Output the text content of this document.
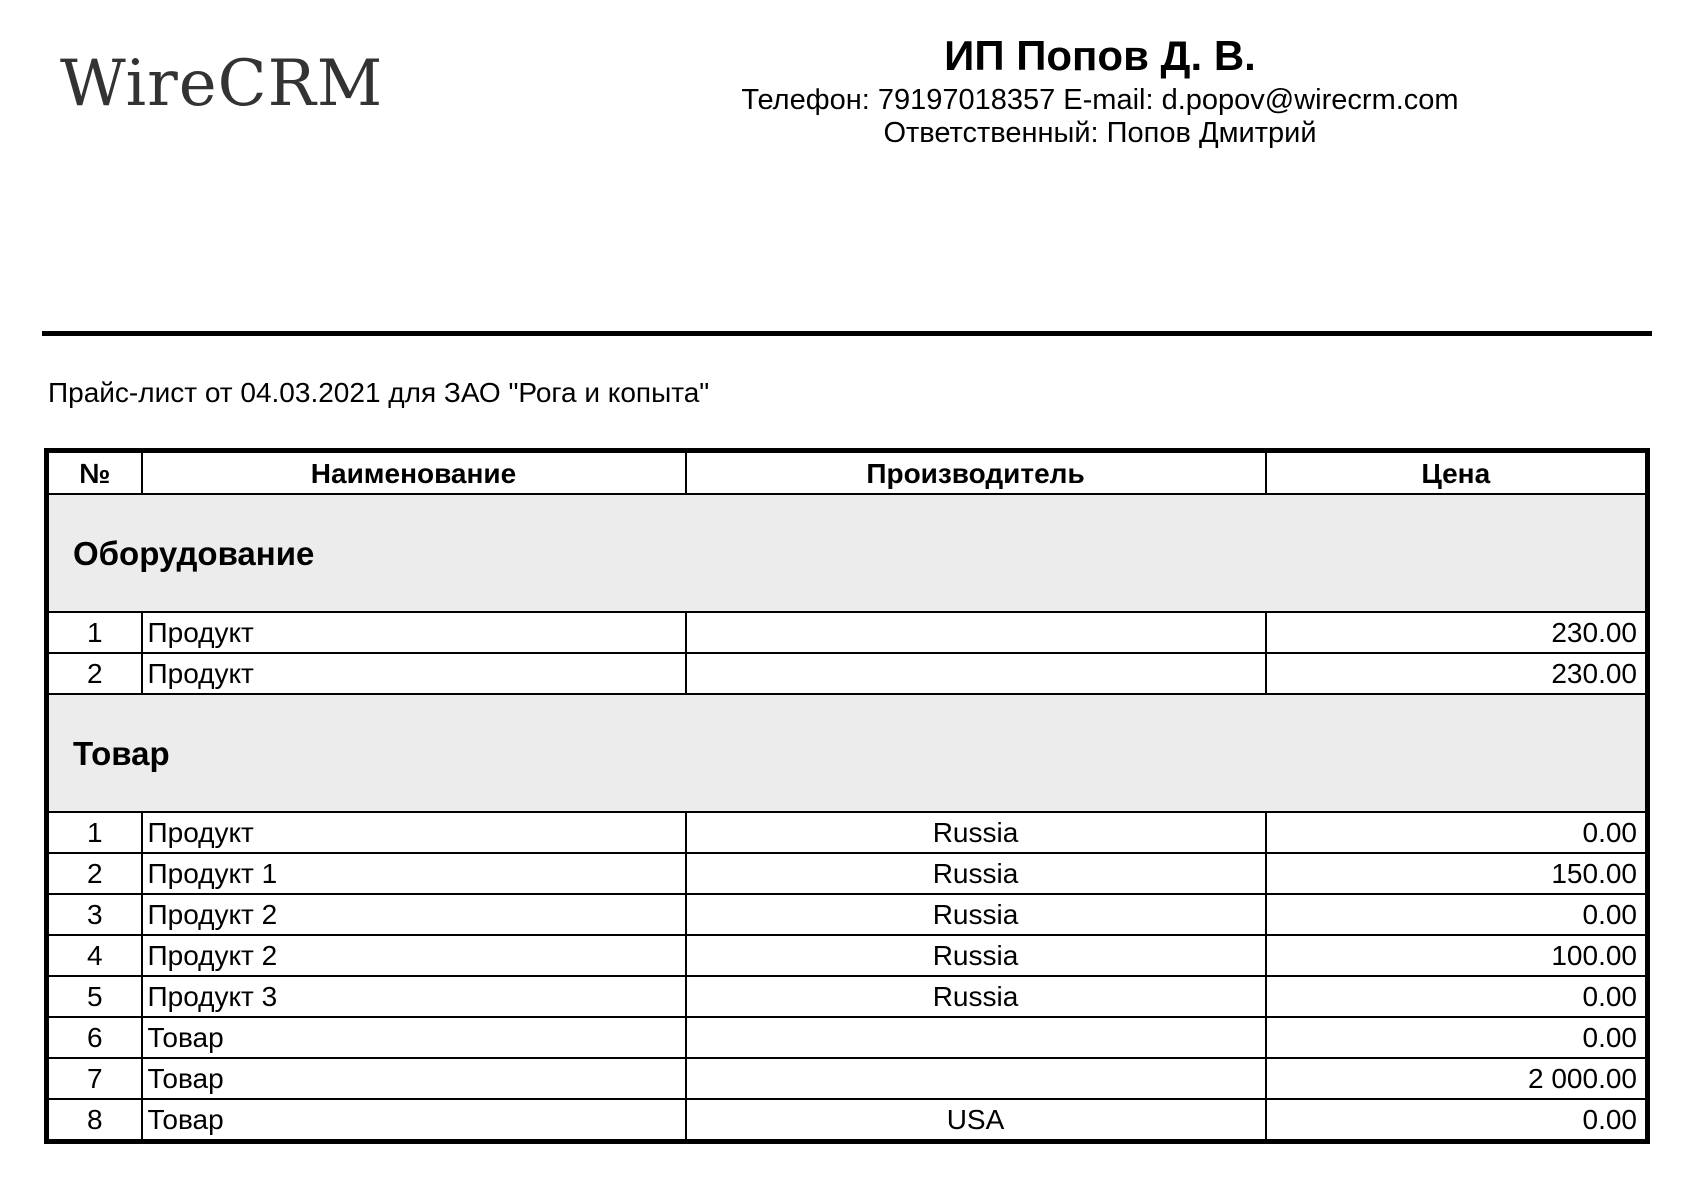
WireCRM	ИП Попов Д. В.
Телефон: 79197018357 E-mail: d.popov@wirecrm.com
Ответственный: Попов Дмитрий
Прайс-лист от 04.03.2021 для ЗАО "Рога и копыта"
№	Наименование	Производитель	Цена
Оборудование			
1	Продукт		230.00
2	Продукт		230.00
Товар			
1	Продукт	Russia	0.00
2	Продукт 1	Russia	150.00
3	Продукт 2	Russia	0.00
4	Продукт 2	Russia	100.00
5	Продукт 3	Russia	0.00
6	Товар		0.00
7	Товар		2 000.00
8	Товар	USA	0.00
